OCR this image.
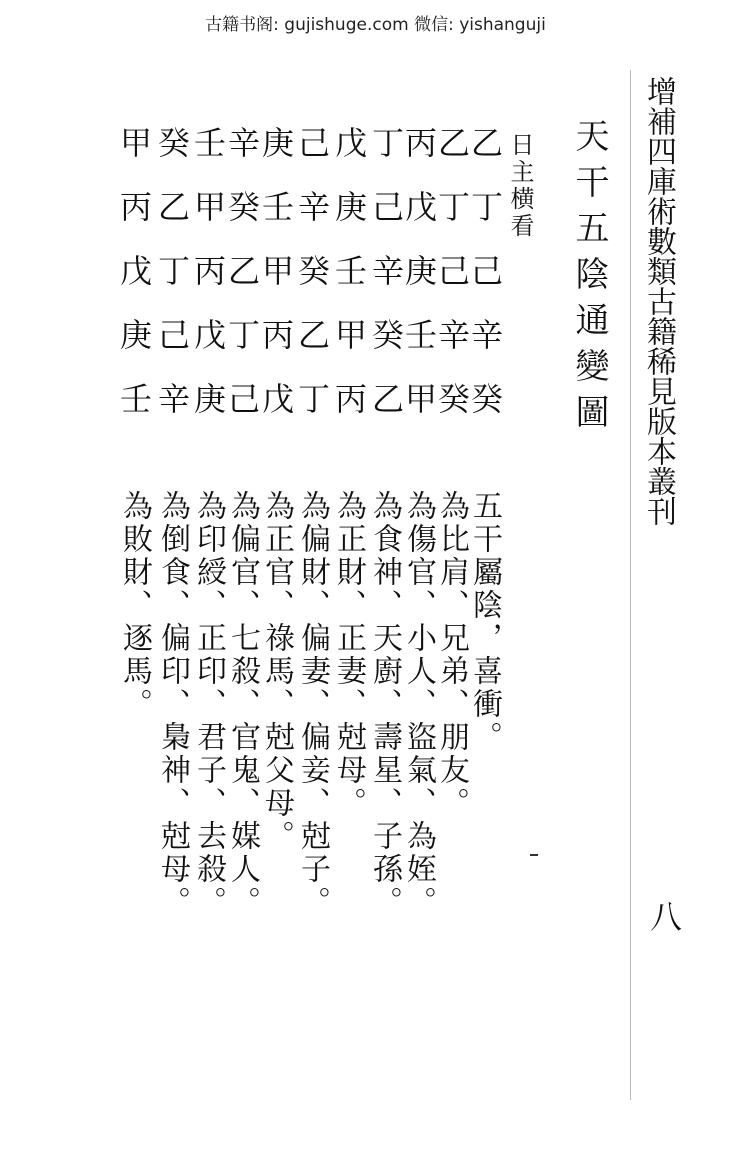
古籍书阁: gujishuge.com 微信: yishanguji
增補四庫術數類古籍稀見版本叢刊
八
天干五陰通變圖
日主横看
乙丁己辛癸
乙丁己辛癸
丙戊庚壬甲
丁己辛癸乙
戊庚壬甲丙
己辛癸乙丁
庚壬甲丙戊
辛癸乙丁己
壬甲丙戊庚
癸乙丁己辛
甲丙戊庚壬
五干屬陰，喜衝。
為比肩、兄弟、朋友。
為傷官、小人、盜氣、為姪。
為食神、天廚、壽星、子孫。
為正財、正妻、尅母。
為偏財、偏妻、偏妾、尅子。
為正官、祿馬、尅父母。
為偏官、七殺、官鬼、媒人。
為印綬、正印、君子、去殺。
為倒食、偏印、梟神、尅母。
為敗財、逐馬。
